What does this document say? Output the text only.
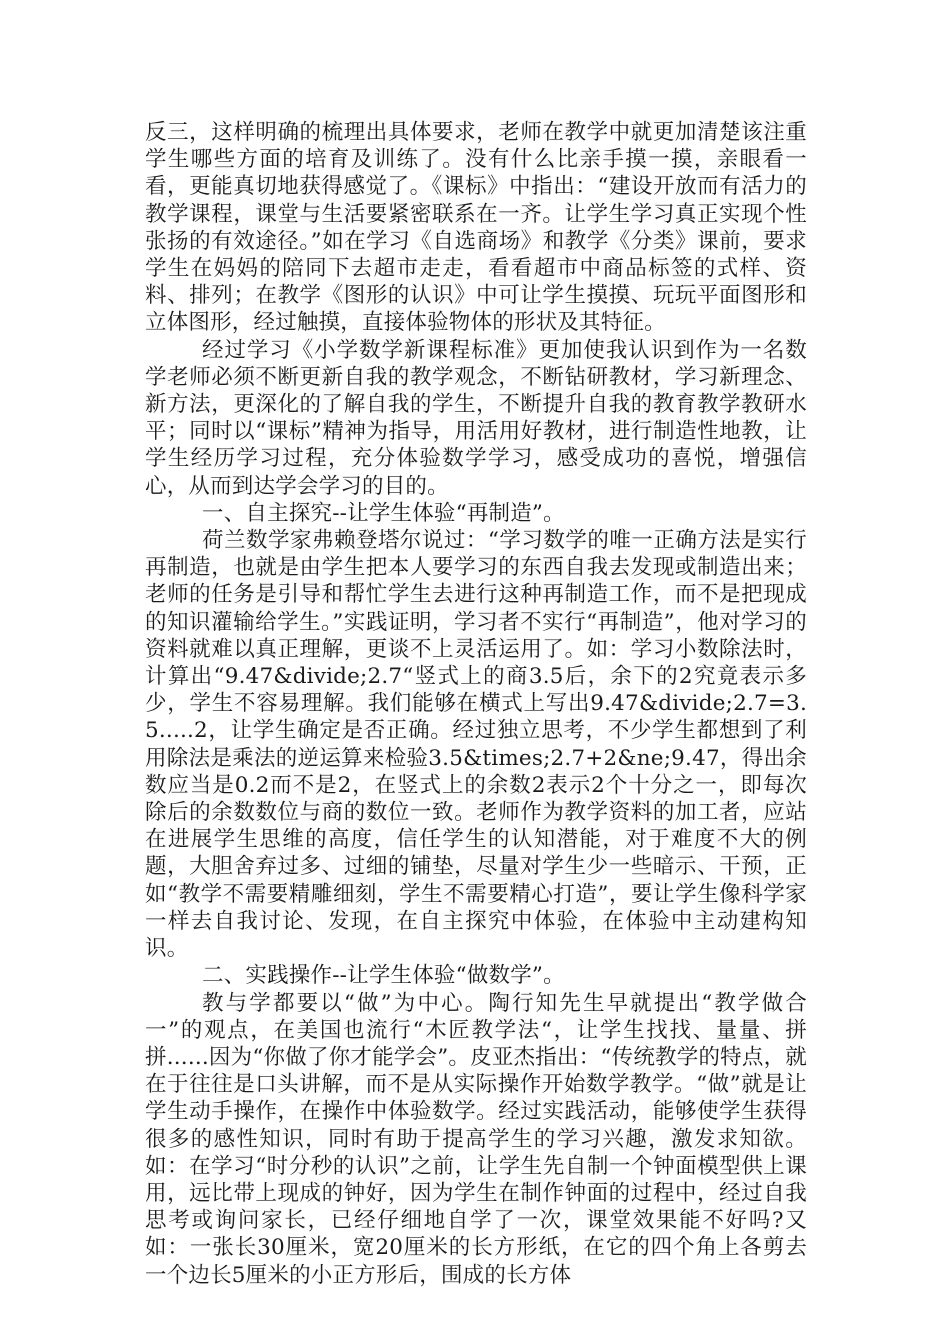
反三，这样明确的梳理出具体要求，老师在教学中就更加清楚该注重学生哪些方面的培育及训练了。没有什么比亲手摸一摸，亲眼看一看，更能真切地获得感觉了。《课标》中指出：“建设开放而有活力的教学课程，课堂与生活要紧密联系在一齐。让学生学习真正实现个性张扬的有效途径。”如在学习《自选商场》和教学《分类》课前，要求学生在妈妈的陪同下去超市走走，看看超市中商品标签的式样、资料、排列；在教学《图形的认识》中可让学生摸摸、玩玩平面图形和立体图形，经过触摸，直接体验物体的形状及其特征。

经过学习《小学数学新课程标准》更加使我认识到作为一名数学老师必须不断更新自我的教学观念，不断钻研教材，学习新理念、新方法，更深化的了解自我的学生，不断提升自我的教育教学教研水平；同时以“课标”精神为指导，用活用好教材，进行制造性地教，让学生经历学习过程，充分体验数学学习，感受成功的喜悦，增强信心，从而到达学会学习的目的。

一、自主探究--让学生体验“再制造”。

荷兰数学家弗赖登塔尔说过：“学习数学的唯一正确方法是实行再制造，也就是由学生把本人要学习的东西自我去发现或制造出来；老师的任务是引导和帮忙学生去进行这种再制造工作，而不是把现成的知识灌输给学生。”实践证明，学习者不实行“再制造”，他对学习的资料就难以真正理解，更谈不上灵活运用了。如：学习小数除法时，计算出“9.47&divide;2.7“竖式上的商3.5后，余下的2究竟表示多少，学生不容易理解。我们能够在横式上写出9.47&divide;2.7=3.5.....2，让学生确定是否正确。经过独立思考，不少学生都想到了利用除法是乘法的逆运算来检验3.5&times;2.7+2&ne;9.47，得出余数应当是0.2而不是2，在竖式上的余数2表示2个十分之一，即每次除后的余数数位与商的数位一致。老师作为教学资料的加工者，应站在进展学生思维的高度，信任学生的认知潜能，对于难度不大的例题，大胆舍弃过多、过细的铺垫，尽量对学生少一些暗示、干预，正如“教学不需要精雕细刻，学生不需要精心打造”，要让学生像科学家一样去自我讨论、发现，在自主探究中体验，在体验中主动建构知识。

二、实践操作--让学生体验“做数学”。

教与学都要以“做”为中心。陶行知先生早就提出“教学做合一”的观点，在美国也流行“木匠教学法“，让学生找找、量量、拼拼......因为“你做了你才能学会”。皮亚杰指出：“传统教学的特点，就在于往往是口头讲解，而不是从实际操作开始数学教学。“做”就是让学生动手操作，在操作中体验数学。经过实践活动，能够使学生获得很多的感性知识，同时有助于提高学生的学习兴趣，激发求知欲。如：在学习“时分秒的认识”之前，让学生先自制一个钟面模型供上课用，远比带上现成的钟好，因为学生在制作钟面的过程中，经过自我思考或询问家长，已经仔细地自学了一次，课堂效果能不好吗?又如：一张长30厘米，宽20厘米的长方形纸，在它的四个角上各剪去一个边长5厘米的小正方形后，围成的长方体
